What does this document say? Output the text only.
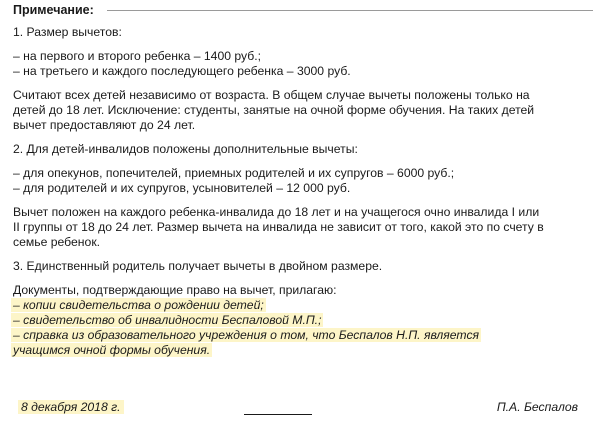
Примечание:

1. Размер вычетов:

– на первого и второго ребенка – 1400 руб.;

– на третьего и каждого последующего ребенка – 3000 руб.

Считают всех детей независимо от возраста. В общем случае вычеты положены только на

детей до 18 лет. Исключение: студенты, занятые на очной форме обучения. На таких детей

вычет предоставляют до 24 лет.

2. Для детей-инвалидов положены дополнительные вычеты:

– для опекунов, попечителей, приемных родителей и их супругов – 6000 руб.;

– для родителей и их супругов, усыновителей – 12 000 руб.

Вычет положен на каждого ребенка-инвалида до 18 лет и на учащегося очно инвалида I или

II группы от 18 до 24 лет. Размер вычета на инвалида не зависит от того, какой это по счету в

семье ребенок.

3. Единственный родитель получает вычеты в двойном размере.

Документы, подтверждающие право на вычет, прилагаю:

– копии свидетельства о рождении детей;

– свидетельство об инвалидности Беспаловой М.П.;

– справка из образовательного учреждения о том, что Беспалов Н.П. является

учащимся очной формы обучения.

8 декабря 2018 г.	П.А. Беспалов
